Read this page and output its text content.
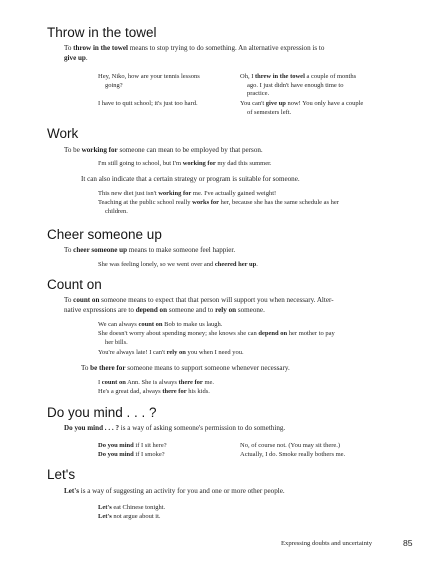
Throw in the towel
To throw in the towel means to stop trying to do something. An alternative expression is to
give up.
Hey, Niko, how are your tennis lessons
going?
I have to quit school; it's just too hard.
Oh, I threw in the towel a couple of months
ago. I just didn't have enough time to
practice.
You can't give up now! You only have a couple
of semesters left.
Work
To be working for someone can mean to be employed by that person.
I'm still going to school, but I'm working for my dad this summer.
It can also indicate that a certain strategy or program is suitable for someone.
This new diet just isn't working for me. I've actually gained weight!
Teaching at the public school really works for her, because she has the same schedule as her
children.
Cheer someone up
To cheer someone up means to make someone feel happier.
She was feeling lonely, so we went over and cheered her up.
Count on
To count on someone means to expect that that person will support you when necessary. Alter-
native expressions are to depend on someone and to rely on someone.
We can always count on Bob to make us laugh.
She doesn't worry about spending money; she knows she can depend on her mother to pay
her bills.
You're always late! I can't rely on you when I need you.
To be there for someone means to support someone whenever necessary.
I count on Ann. She is always there for me.
He's a great dad, always there for his kids.
Do you mind . . . ?
Do you mind . . . ? is a way of asking someone's permission to do something.
Do you mind if I sit here?
Do you mind if I smoke?
No, of course not. (You may sit there.)
Actually, I do. Smoke really bothers me.
Let's
Let's is a way of suggesting an activity for you and one or more other people.
Let's eat Chinese tonight.
Let's not argue about it.
Expressing doubts and uncertainty	85
